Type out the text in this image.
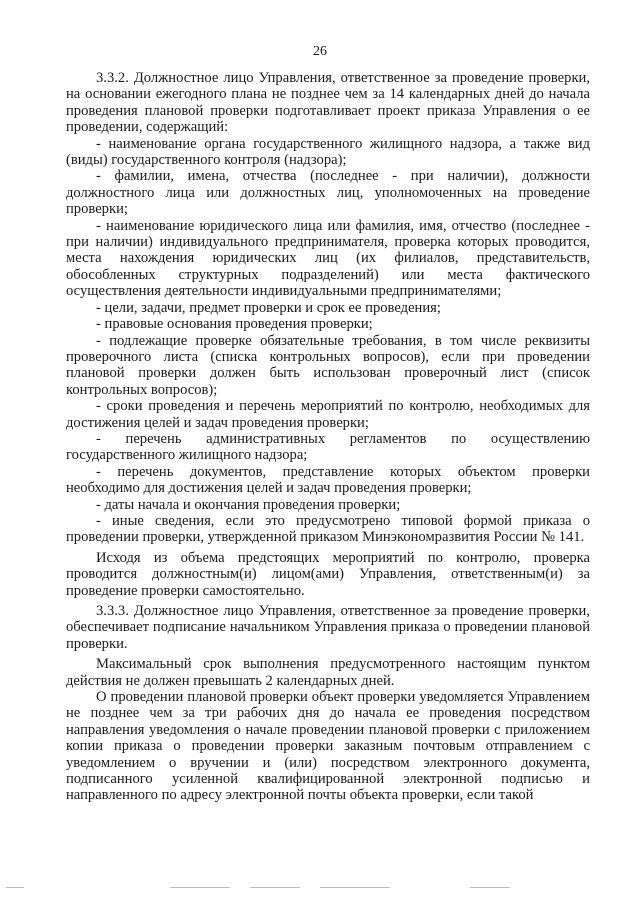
26

3.3.2. Должностное лицо Управления, ответственное за проведение проверки, на основании ежегодного плана не позднее чем за 14 календарных дней до начала проведения плановой проверки подготавливает проект приказа Управления о ее проведении, содержащий:

- наименование органа государственного жилищного надзора, а также вид (виды) государственного контроля (надзора);

- фамилии, имена, отчества (последнее - при наличии), должности должностного лица или должностных лиц, уполномоченных на проведение проверки;

- наименование юридического лица или фамилия, имя, отчество (последнее - при наличии) индивидуального предпринимателя, проверка которых проводится, места нахождения юридических лиц (их филиалов, представительств, обособленных структурных подразделений) или места фактического осуществления деятельности индивидуальными предпринимателями;

- цели, задачи, предмет проверки и срок ее проведения;

- правовые основания проведения проверки;

- подлежащие проверке обязательные требования, в том числе реквизиты проверочного листа (списка контрольных вопросов), если при проведении плановой проверки должен быть использован проверочный лист (список контрольных вопросов);

- сроки проведения и перечень мероприятий по контролю, необходимых для достижения целей и задач проведения проверки;

- перечень административных регламентов по осуществлению государственного жилищного надзора;

- перечень документов, представление которых объектом проверки необходимо для достижения целей и задач проведения проверки;

- даты начала и окончания проведения проверки;

- иные сведения, если это предусмотрено типовой формой приказа о проведении проверки, утвержденной приказом Минэкономразвития России № 141.

Исходя из объема предстоящих мероприятий по контролю, проверка проводится должностным(и) лицом(ами) Управления, ответственным(и) за проведение проверки самостоятельно.

3.3.3. Должностное лицо Управления, ответственное за проведение проверки, обеспечивает подписание начальником Управления приказа о проведении плановой проверки.

Максимальный срок выполнения предусмотренного настоящим пунктом действия не должен превышать 2 календарных дней.

О проведении плановой проверки объект проверки уведомляется Управлением не позднее чем за три рабочих дня до начала ее проведения посредством направления уведомления о начале проведении плановой проверки с приложением копии приказа о проведении проверки заказным почтовым отправлением с уведомлением о вручении и (или) посредством электронного документа, подписанного усиленной квалифицированной электронной подписью и направленного по адресу электронной почты объекта проверки, если такой
